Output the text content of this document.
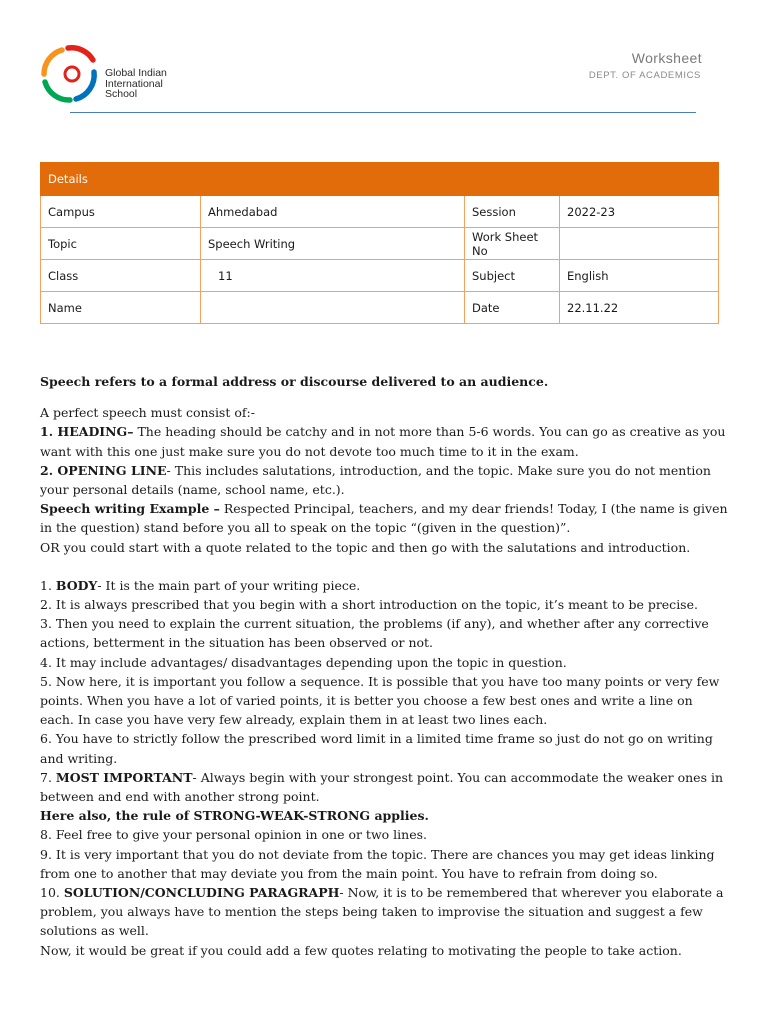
Global Indian
International
School
Worksheet
DEPT. OF ACADEMICS
Details			
Campus	Ahmedabad	Session	2022-23
Topic	Speech Writing	Work Sheet No	
Class	11	Subject	English
Name		Date	22.11.22

Speech refers to a formal address or discourse delivered to an audience.

A perfect speech must consist of:-

1. HEADING– The heading should be catchy and in not more than 5-6 words. You can go as creative as you want with this one just make sure you do not devote too much time to it in the exam.

2. OPENING LINE- This includes salutations, introduction, and the topic. Make sure you do not mention your personal details (name, school name, etc.).

Speech writing Example – Respected Principal, teachers, and my dear friends! Today, I (the name is given in the question) stand before you all to speak on the topic “(given in the question)”.

OR you could start with a quote related to the topic and then go with the salutations and introduction.

1. BODY- It is the main part of your writing piece.

2. It is always prescribed that you begin with a short introduction on the topic, it’s meant to be precise.

3. Then you need to explain the current situation, the problems (if any), and whether after any corrective actions, betterment in the situation has been observed or not.

4. It may include advantages/ disadvantages depending upon the topic in question.

5. Now here, it is important you follow a sequence. It is possible that you have too many points or very few points. When you have a lot of varied points, it is better you choose a few best ones and write a line on each. In case you have very few already, explain them in at least two lines each.

6. You have to strictly follow the prescribed word limit in a limited time frame so just do not go on writing and writing.

7. MOST IMPORTANT- Always begin with your strongest point. You can accommodate the weaker ones in between and end with another strong point.

Here also, the rule of STRONG-WEAK-STRONG applies.

8. Feel free to give your personal opinion in one or two lines.

9. It is very important that you do not deviate from the topic. There are chances you may get ideas linking from one to another that may deviate you from the main point. You have to refrain from doing so.

10. SOLUTION/CONCLUDING PARAGRAPH- Now, it is to be remembered that wherever you elaborate a problem, you always have to mention the steps being taken to improvise the situation and suggest a few solutions as well.

Now, it would be great if you could add a few quotes relating to motivating the people to take action.
